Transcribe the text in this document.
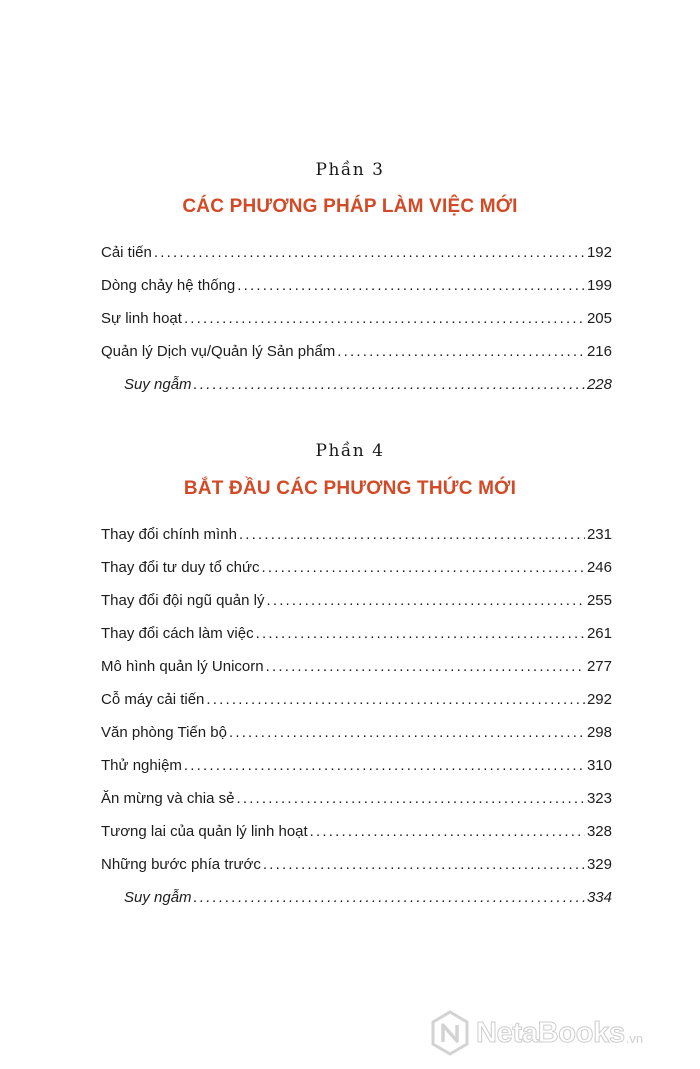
Phần 3
CÁC PHƯƠNG PHÁP LÀM VIỆC MỚI
Cải tiến .....	192
Dòng chảy hệ thống .....	199
Sự linh hoạt .....	205
Quản lý Dịch vụ/Quản lý Sản phẩm .....	216
Suy ngẫm .....	228
Phần 4
BẮT ĐẦU CÁC PHƯƠNG THỨC MỚI
Thay đổi chính mình .....	231
Thay đổi tư duy tổ chức .....	246
Thay đổi đội ngũ quản lý .....	255
Thay đổi cách làm việc .....	261
Mô hình quản lý Unicorn .....	277
Cỗ máy cải tiến .....	292
Văn phòng Tiến bộ .....	298
Thử nghiệm .....	310
Ăn mừng và chia sẻ .....	323
Tương lai của quản lý linh hoạt .....	328
Những bước phía trước .....	329
Suy ngẫm .....	334
NetaBooks .vn
